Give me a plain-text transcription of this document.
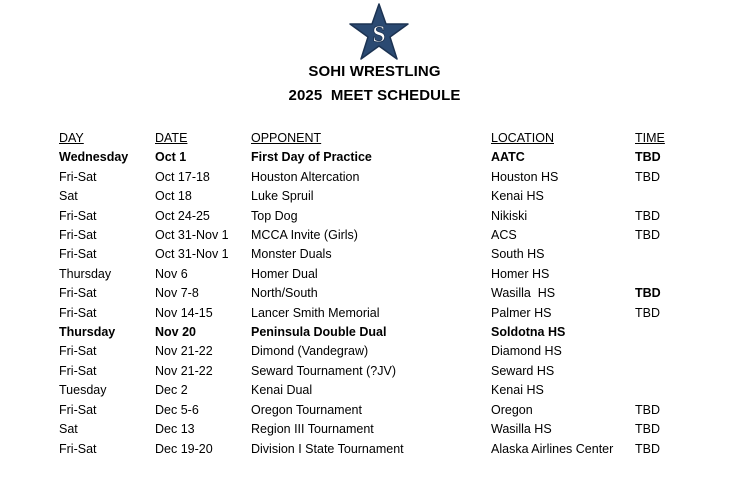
S
SOHI WRESTLING
2025  MEET SCHEDULE
DAY	DATE	OPPONENT	LOCATION	TIME
Wednesday	Oct 1	First Day of Practice	AATC	TBD
Fri-Sat	Oct 17-18	Houston Altercation	Houston HS	TBD
Sat	Oct 18	Luke Spruil	Kenai HS	
Fri-Sat	Oct 24-25	Top Dog	Nikiski	TBD
Fri-Sat	Oct 31-Nov 1	MCCA Invite (Girls)	ACS	TBD
Fri-Sat	Oct 31-Nov 1	Monster Duals	South HS	
Thursday	Nov 6	Homer Dual	Homer HS	
Fri-Sat	Nov 7-8	North/South	Wasilla  HS	TBD
Fri-Sat	Nov 14-15	Lancer Smith Memorial	Palmer HS	TBD
Thursday	Nov 20	Peninsula Double Dual	Soldotna HS	
Fri-Sat	Nov 21-22	Dimond (Vandegraw)	Diamond HS	
Fri-Sat	Nov 21-22	Seward Tournament (?JV)	Seward HS	
Tuesday	Dec 2	Kenai Dual	Kenai HS	
Fri-Sat	Dec 5-6	Oregon Tournament	Oregon	TBD
Sat	Dec 13	Region III Tournament	Wasilla HS	TBD
Fri-Sat	Dec 19-20	Division I State Tournament	Alaska Airlines Center	TBD
